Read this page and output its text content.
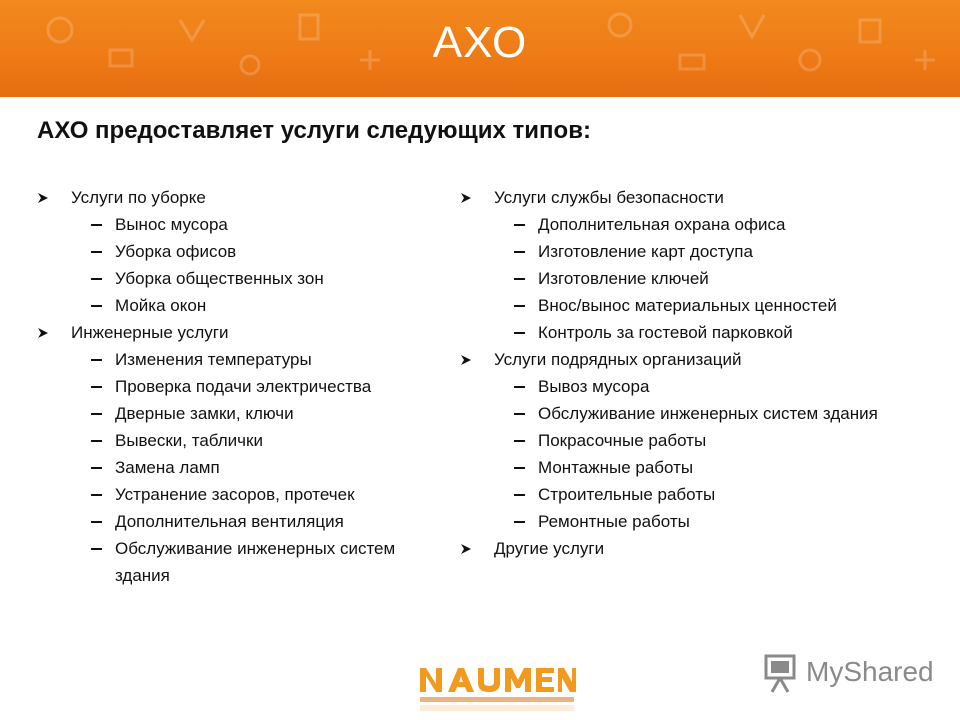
АХО
АХО предоставляет услуги следующих типов:
Услуги по уборке
Вынос мусора
Уборка офисов
Уборка общественных зон
Мойка окон
Инженерные услуги
Изменения температуры
Проверка подачи электричества
Дверные замки, ключи
Вывески, таблички
Замена ламп
Устранение засоров, протечек
Дополнительная вентиляция
Обслуживание инженерных систем
здания
Услуги службы безопасности
Дополнительная охрана офиса
Изготовление карт доступа
Изготовление ключей
Внос/вынос материальных ценностей
Контроль за гостевой парковкой
Услуги подрядных организаций
Вывоз мусора
Обслуживание инженерных систем здания
Покрасочные работы
Монтажные работы
Строительные работы
Ремонтные работы
Другие услуги
MyShared
